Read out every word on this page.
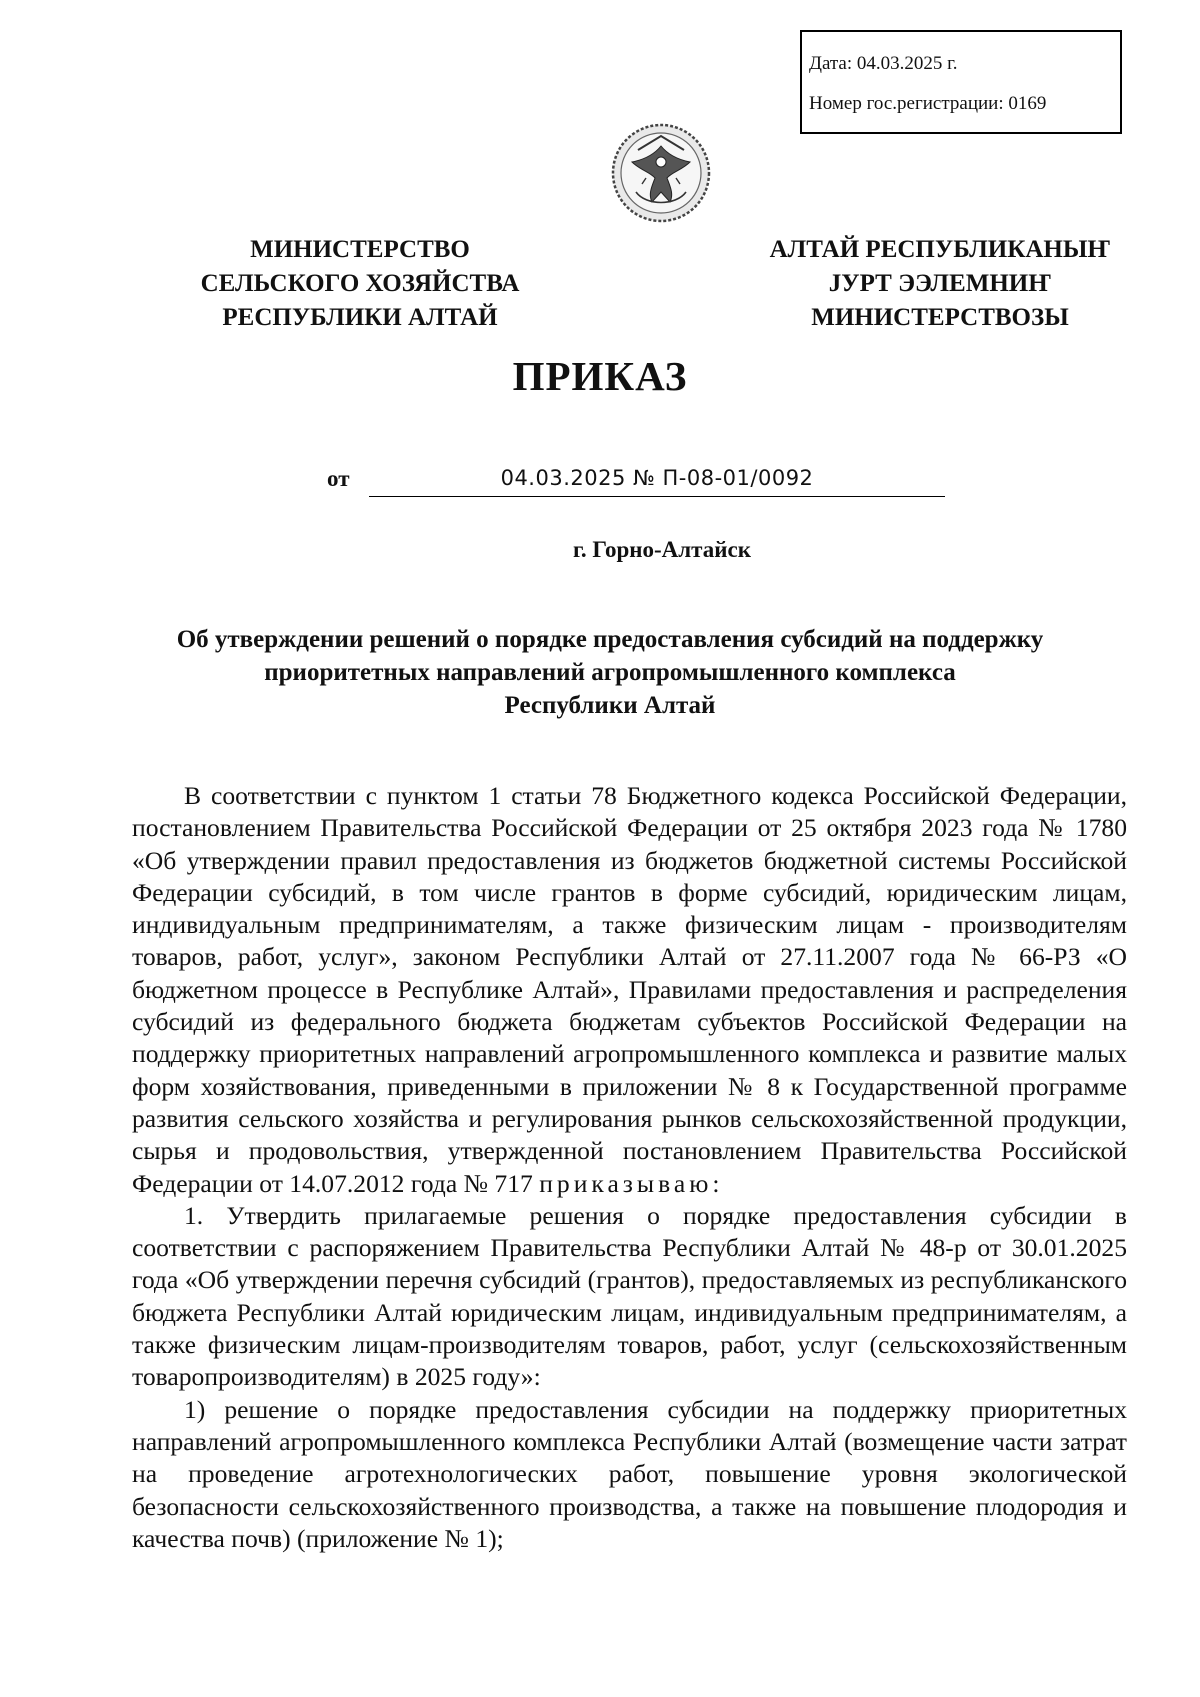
Дата: 04.03.2025 г.
Номер гос.регистрации: 0169
МИНИСТЕРСТВО
СЕЛЬСКОГО ХОЗЯЙСТВА
РЕСПУБЛИКИ АЛТАЙ
АЛТАЙ РЕСПУБЛИКАНЫҤ
ЈУРТ ЭЭЛЕМНИҤ
МИНИСТЕРСТВОЗЫ
ПРИКАЗ
от	04.03.2025 № П-08-01/0092
г. Горно-Алтайск
Об утверждении решений о порядке предоставления субсидий на поддержку
приоритетных направлений агропромышленного комплекса
Республики Алтай

В соответствии с пунктом 1 статьи 78 Бюджетного кодекса Российской Федерации, постановлением Правительства Российской Федерации от 25 октября 2023 года № 1780 «Об утверждении правил предоставления из бюджетов бюджетной системы Российской Федерации субсидий, в том числе грантов в форме субсидий, юридическим лицам, индивидуальным предпринимателям, а также физическим лицам - производителям товаров, работ, услуг», законом Республики Алтай от 27.11.2007 года № 66-РЗ «О бюджетном процессе в Республике Алтай», Правилами предоставления и распределения субсидий из федерального бюджета бюджетам субъектов Российской Федерации на поддержку приоритетных направлений агропромышленного комплекса и развитие малых форм хозяйствования, приведенными в приложении № 8 к Государственной программе развития сельского хозяйства и регулирования рынков сельскохозяйственной продукции, сырья и продовольствия, утвержденной постановлением Правительства Российской Федерации от 14.07.2012 года № 717 приказываю:

1. Утвердить прилагаемые решения о порядке предоставления субсидии в соответствии с распоряжением Правительства Республики Алтай № 48-р от 30.01.2025 года «Об утверждении перечня субсидий (грантов), предоставляемых из республиканского бюджета Республики Алтай юридическим лицам, индивидуальным предпринимателям, а также физическим лицам-производителям товаров, работ, услуг (сельскохозяйственным товаропроизводителям) в 2025 году»:

1) решение о порядке предоставления субсидии на поддержку приоритетных направлений агропромышленного комплекса Республики Алтай (возмещение части затрат на проведение агротехнологических работ, повышение уровня экологической безопасности сельскохозяйственного производства, а также на повышение плодородия и качества почв) (приложение № 1);
